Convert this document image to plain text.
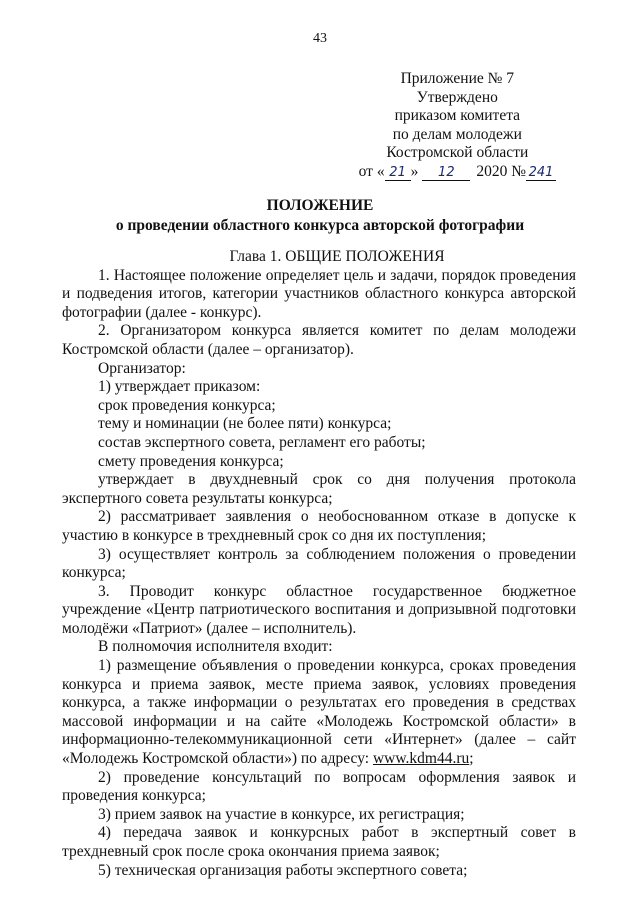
43
Приложение № 7
Утверждено
приказом комитета
по делам молодежи
Костромской области
от « 21 » 12 2020 № 241
ПОЛОЖЕНИЕ
о проведении областного конкурса авторской фотографии
Глава 1. ОБЩИЕ ПОЛОЖЕНИЯ

1. Настоящее положение определяет цель и задачи, порядок проведения и подведения итогов, категории участников областного конкурса авторской фотографии (далее - конкурс).

2. Организатором конкурса является комитет по делам молодежи Костромской области (далее – организатор).

Организатор:

1) утверждает приказом:

срок проведения конкурса;

тему и номинации (не более пяти) конкурса;

состав экспертного совета, регламент его работы;

смету проведения конкурса;

утверждает в двухдневный срок со дня получения протокола экспертного совета результаты конкурса;

2) рассматривает заявления о необоснованном отказе в допуске к участию в конкурсе в трехдневный срок со дня их поступления;

3) осуществляет контроль за соблюдением положения о проведении конкурса;

3. Проводит конкурс областное государственное бюджетное учреждение «Центр патриотического воспитания и допризывной подготовки молодёжи «Патриот» (далее – исполнитель).

В полномочия исполнителя входит:

1) размещение объявления о проведении конкурса, сроках проведения конкурса и приема заявок, месте приема заявок, условиях проведения конкурса, а также информации о результатах его проведения в средствах массовой информации и на сайте «Молодежь Костромской области» в информационно-телекоммуникационной сети «Интернет» (далее – сайт «Молодежь Костромской области») по адресу: www.kdm44.ru;

2) проведение консультаций по вопросам оформления заявок и проведения конкурса;

3) прием заявок на участие в конкурсе, их регистрация;

4) передача заявок и конкурсных работ в экспертный совет в трехдневный срок после срока окончания приема заявок;

5) техническая организация работы экспертного совета;
